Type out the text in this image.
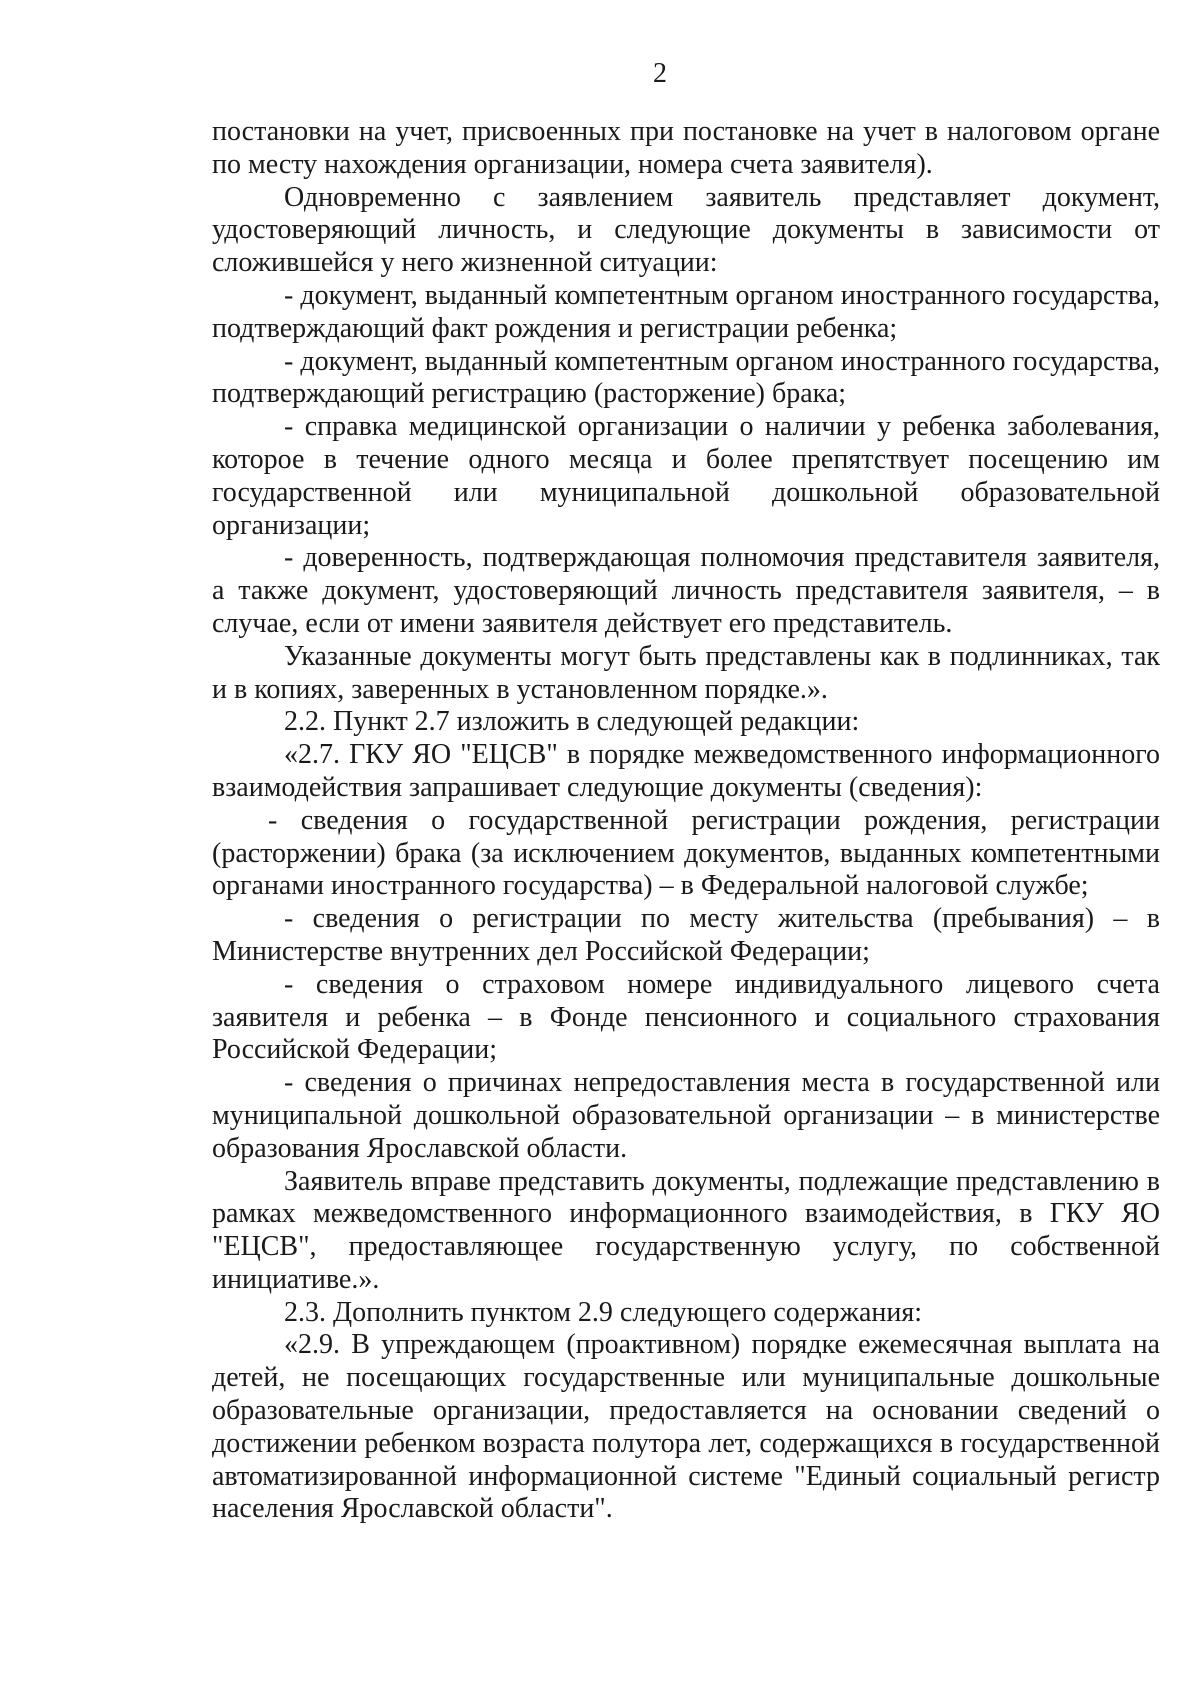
2

постановки на учет, присвоенных при постановке на учет в налоговом органе по месту нахождения организации, номера счета заявителя).

Одновременно с заявлением заявитель представляет документ, удостоверяющий личность, и следующие документы в зависимости от сложившейся у него жизненной ситуации:

- документ, выданный компетентным органом иностранного государства, подтверждающий факт рождения и регистрации ребенка;

- документ, выданный компетентным органом иностранного государства, подтверждающий регистрацию (расторжение) брака;

- справка медицинской организации о наличии у ребенка заболевания, которое в течение одного месяца и более препятствует посещению им государственной или муниципальной дошкольной образовательной организации;

- доверенность, подтверждающая полномочия представителя заявителя, а также документ, удостоверяющий личность представителя заявителя, – в случае, если от имени заявителя действует его представитель.

Указанные документы могут быть представлены как в подлинниках, так и в копиях, заверенных в установленном порядке.».

2.2. Пункт 2.7 изложить в следующей редакции:

«2.7. ГКУ ЯО "ЕЦСВ" в порядке межведомственного информационного взаимодействия запрашивает следующие документы (сведения):

- сведения о государственной регистрации рождения, регистрации (расторжении) брака (за исключением документов, выданных компетентными органами иностранного государства) – в Федеральной налоговой службе;

- сведения о регистрации по месту жительства (пребывания) – в Министерстве внутренних дел Российской Федерации;

- сведения о страховом номере индивидуального лицевого счета заявителя и ребенка – в Фонде пенсионного и социального страхования Российской Федерации;

- сведения о причинах непредоставления места в государственной или муниципальной дошкольной образовательной организации – в министерстве образования Ярославской области.

Заявитель вправе представить документы, подлежащие представлению в рамках межведомственного информационного взаимодействия, в ГКУ ЯО "ЕЦСВ", предоставляющее государственную услугу, по собственной инициативе.».

2.3. Дополнить пунктом 2.9 следующего содержания:

«2.9. В упреждающем (проактивном) порядке ежемесячная выплата на детей, не посещающих государственные или муниципальные дошкольные образовательные организации, предоставляется на основании сведений о достижении ребенком возраста полутора лет, содержащихся в государственной автоматизированной информационной системе "Единый социальный регистр населения Ярославской области".
